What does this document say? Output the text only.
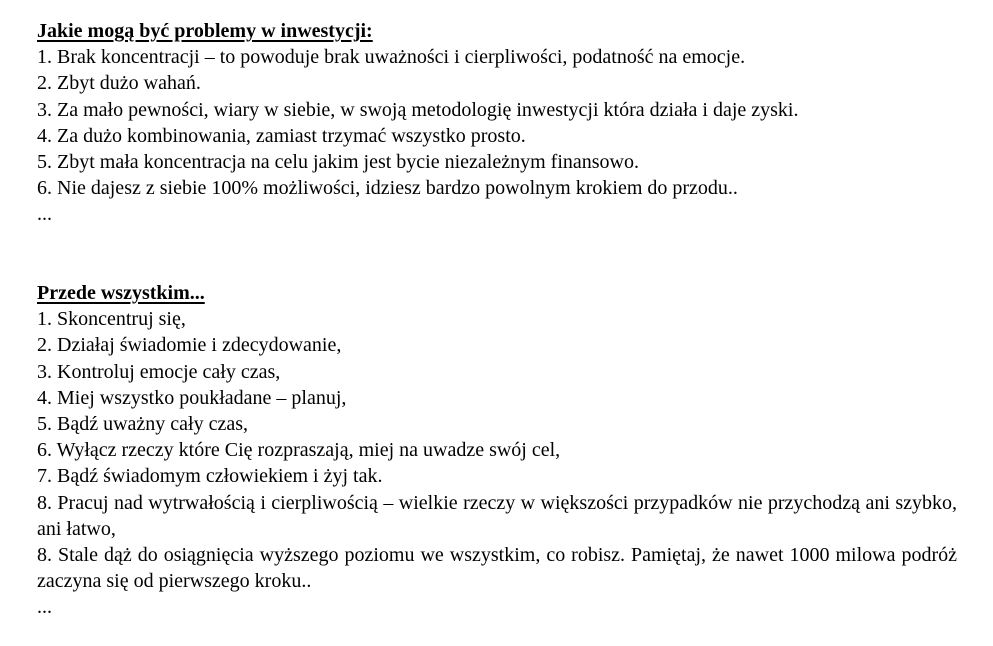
Jakie mogą być problemy w inwestycji:
1. Brak koncentracji – to powoduje brak uważności i cierpliwości, podatność na emocje.
2. Zbyt dużo wahań.
3. Za mało pewności, wiary w siebie, w swoją metodologię inwestycji która działa i daje zyski.
4. Za dużo kombinowania, zamiast trzymać wszystko prosto.
5. Zbyt mała koncentracja na celu jakim jest bycie niezależnym finansowo.
6. Nie dajesz z siebie 100% możliwości, idziesz bardzo powolnym krokiem do przodu..
...
Przede wszystkim...
1. Skoncentruj się,
2. Działaj świadomie i zdecydowanie,
3. Kontroluj emocje cały czas,
4. Miej wszystko poukładane – planuj,
5. Bądź uważny cały czas,
6. Wyłącz rzeczy które Cię rozpraszają, miej na uwadze swój cel,
7. Bądź świadomym człowiekiem i żyj tak.
8. Pracuj nad wytrwałością i cierpliwością – wielkie rzeczy w większości przypadków nie przychodzą ani szybko, ani łatwo,
8. Stale dąż do osiągnięcia wyższego poziomu we wszystkim, co robisz. Pamiętaj, że nawet 1000 milowa podróż zaczyna się od pierwszego kroku..
...
